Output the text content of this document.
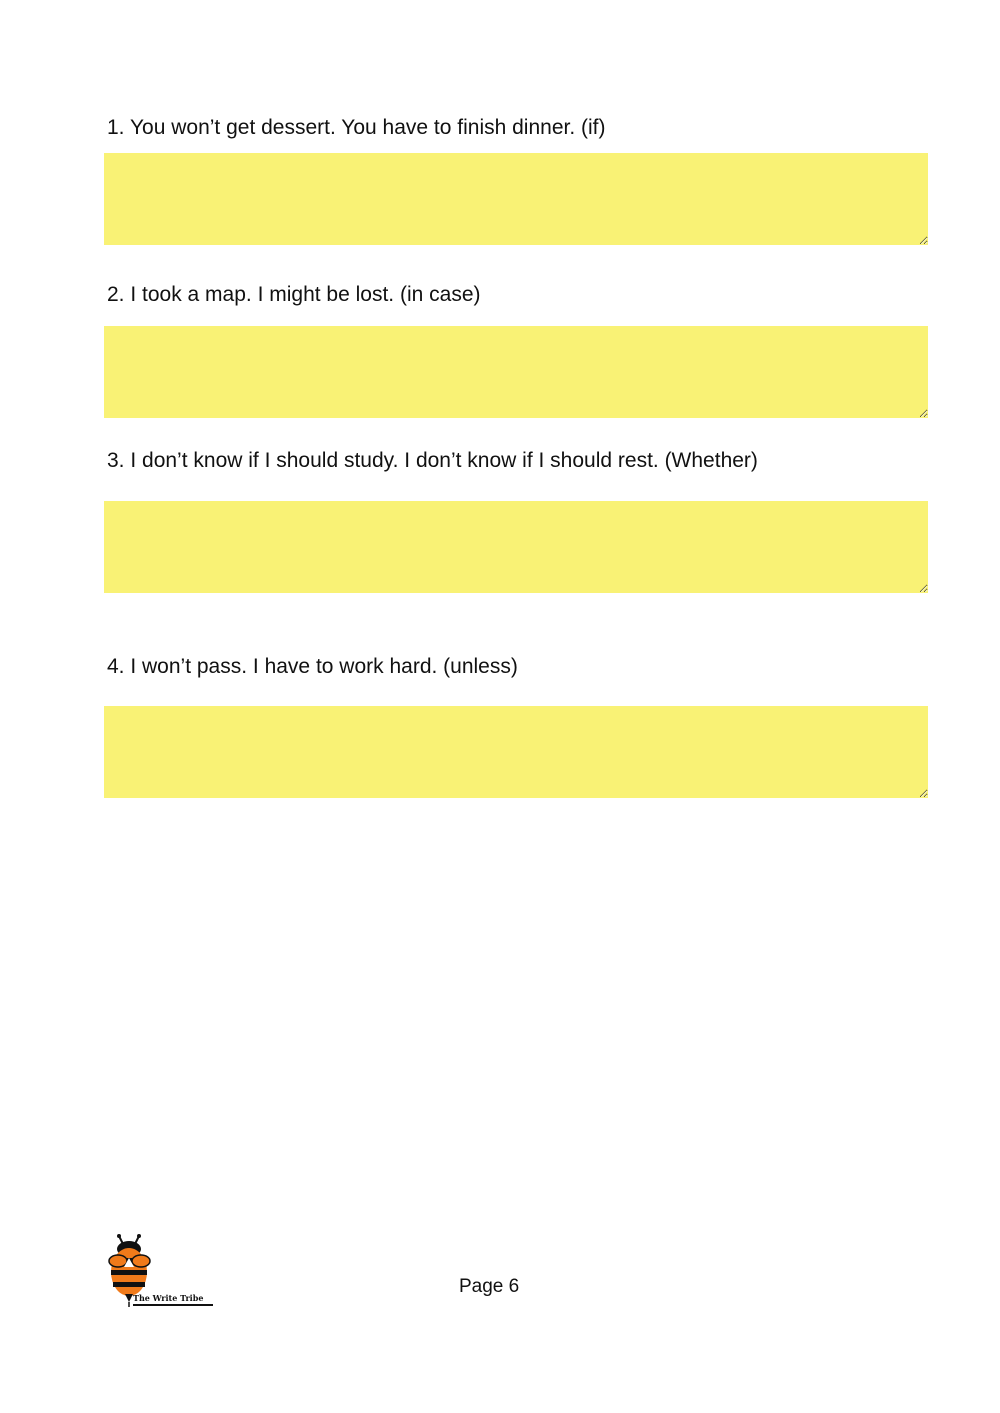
1. You won’t get dessert. You have to finish dinner. (if)
2. I took a map. I might be lost. (in case)
3. I don’t know if I should study. I don’t know if I should rest. (Whether)
4. I won’t pass. I have to work hard. (unless)
The Write Tribe
Page 6
